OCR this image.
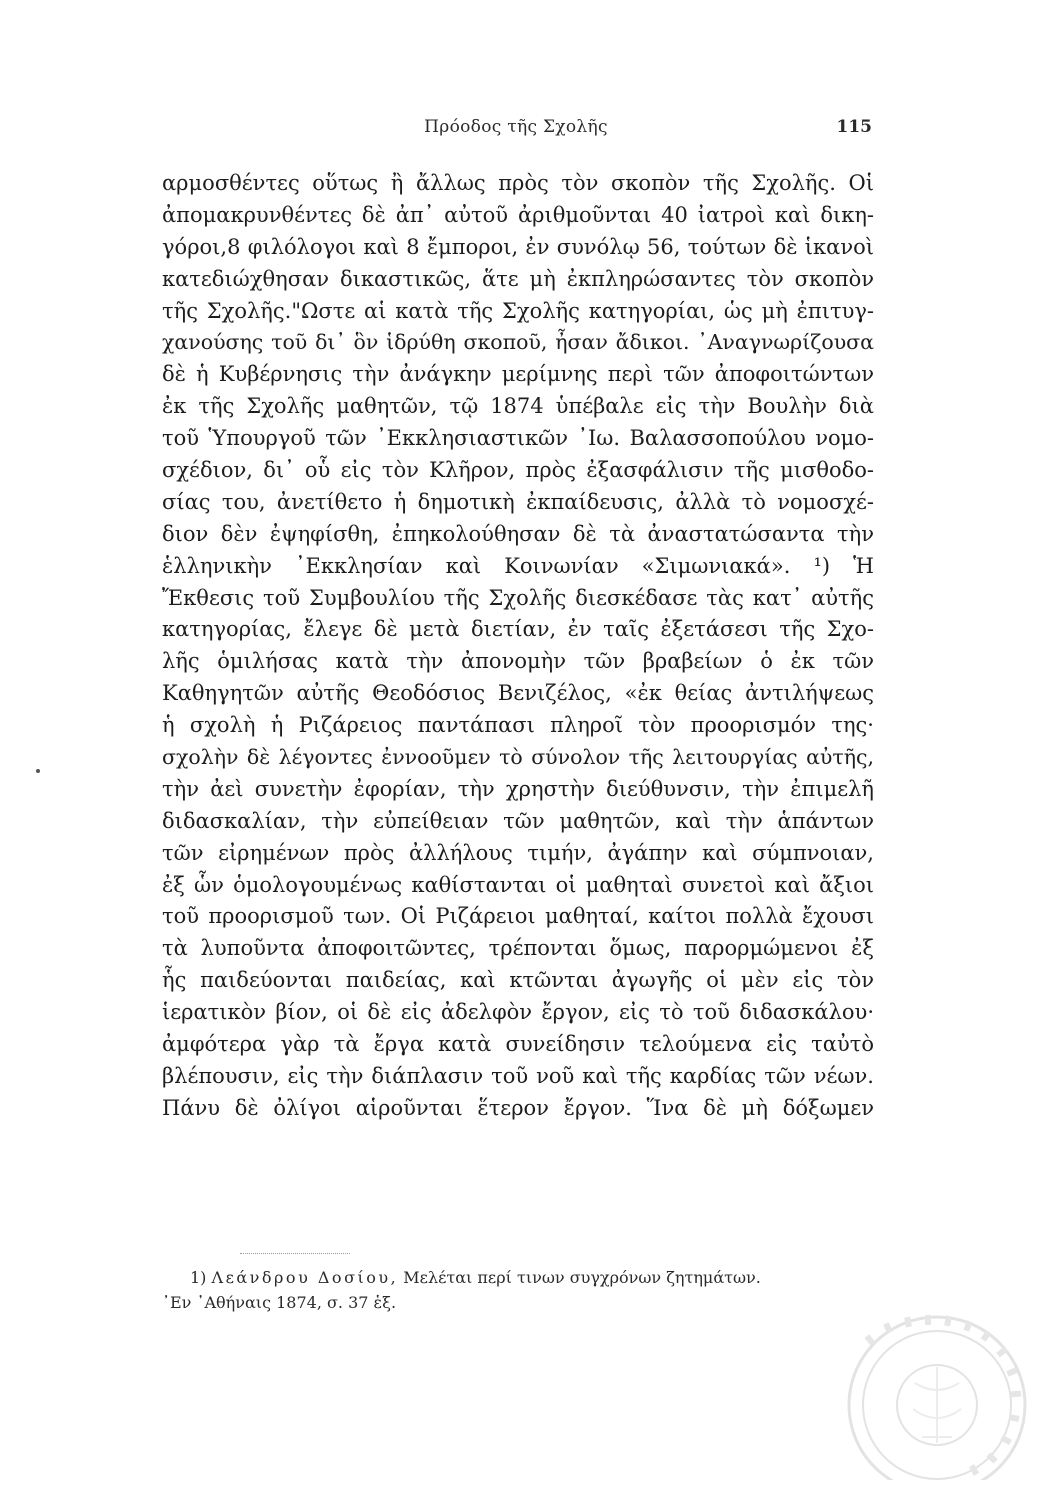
Πρόοδος τῆς Σχολῆς	115
αρμοσθέντες οὕτως ἢ ἄλλως πρὸς τὸν σκοπὸν τῆς Σχολῆς. Οἱ
ἀπομακρυνθέντες δὲ ἀπ᾽ αὐτοῦ ἀριθμοῦνται 40 ἰατροὶ καὶ δικη-
γόροι,8 φιλόλογοι καὶ 8 ἔμποροι, ἐν συνόλῳ 56, τούτων δὲ ἱκανοὶ
κατεδιώχθησαν δικαστικῶς, ἅτε μὴ ἐκπληρώσαντες τὸν σκοπὸν
τῆς Σχολῆς."Ωστε αἱ κατὰ τῆς Σχολῆς κατηγορίαι, ὡς μὴ ἐπιτυγ-
χανούσης τοῦ δι᾽ ὃν ἱδρύθη σκοποῦ, ἦσαν ἄδικοι. ᾽Αναγνωρίζουσα
δὲ ἡ Κυβέρνησις τὴν ἀνάγκην μερίμνης περὶ τῶν ἀποφοιτώντων
ἐκ τῆς Σχολῆς μαθητῶν, τῷ 1874 ὑπέβαλε εἰς τὴν Βουλὴν διὰ
τοῦ Ὑπουργοῦ τῶν ᾽Εκκλησιαστικῶν ᾽Ιω. Βαλασσοπούλου νομο-
σχέδιον, δι᾽ οὗ εἰς τὸν Κλῆρον, πρὸς ἐξασφάλισιν τῆς μισθοδο-
σίας του, ἀνετίθετο ἡ δημοτικὴ ἐκπαίδευσις, ἀλλὰ τὸ νομοσχέ-
διον δὲν ἐψηφίσθη, ἐπηκολούθησαν δὲ τὰ ἀναστατώσαντα τὴν
ἑλληνικὴν ᾽Εκκλησίαν καὶ Κοινωνίαν «Σιμωνιακά». ¹) Ἡ
Ἔκθεσις τοῦ Συμβουλίου τῆς Σχολῆς διεσκέδασε τὰς κατ᾽ αὐτῆς
κατηγορίας, ἔλεγε δὲ μετὰ διετίαν, ἐν ταῖς ἐξετάσεσι τῆς Σχο-
λῆς ὁμιλήσας κατὰ τὴν ἀπονομὴν τῶν βραβείων ὁ ἐκ τῶν
Καθηγητῶν αὐτῆς Θεοδόσιος Βενιζέλος, «ἐκ θείας ἀντιλήψεως
ἡ σχολὴ ἡ Ριζάρειος παντάπασι πληροῖ τὸν προορισμόν της·
σχολὴν δὲ λέγοντες ἐννοοῦμεν τὸ σύνολον τῆς λειτουργίας αὐτῆς,
τὴν ἀεὶ συνετὴν ἐφορίαν, τὴν χρηστὴν διεύθυνσιν, τὴν ἐπιμελῆ
διδασκαλίαν, τὴν εὐπείθειαν τῶν μαθητῶν, καὶ τὴν ἁπάντων
τῶν εἰρημένων πρὸς ἀλλήλους τιμήν, ἀγάπην καὶ σύμπνοιαν,
ἐξ ὧν ὁμολογουμένως καθίστανται οἱ μαθηταὶ συνετοὶ καὶ ἄξιοι
τοῦ προορισμοῦ των. Οἱ Ριζάρειοι μαθηταί, καίτοι πολλὰ ἔχουσι
τὰ λυποῦντα ἀποφοιτῶντες, τρέπονται ὅμως, παρορμώμενοι ἐξ
ἧς παιδεύονται παιδείας, καὶ κτῶνται ἀγωγῆς οἱ μὲν εἰς τὸν
ἱερατικὸν βίον, οἱ δὲ εἰς ἀδελφὸν ἔργον, εἰς τὸ τοῦ διδασκάλου·
ἀμφότερα γὰρ τὰ ἔργα κατὰ συνείδησιν τελούμενα εἰς ταὐτὸ
βλέπουσιν, εἰς τὴν διάπλασιν τοῦ νοῦ καὶ τῆς καρδίας τῶν νέων.
Πάνυ δὲ ὀλίγοι αἱροῦνται ἕτερον ἔργον. Ἵνα δὲ μὴ δόξωμεν
1) Λεάνδρου Δοσίου, Μελέται περί τινων συγχρόνων ζητημάτων.
᾽Εν ᾽Αθήναις 1874, σ. 37 ἑξ.
